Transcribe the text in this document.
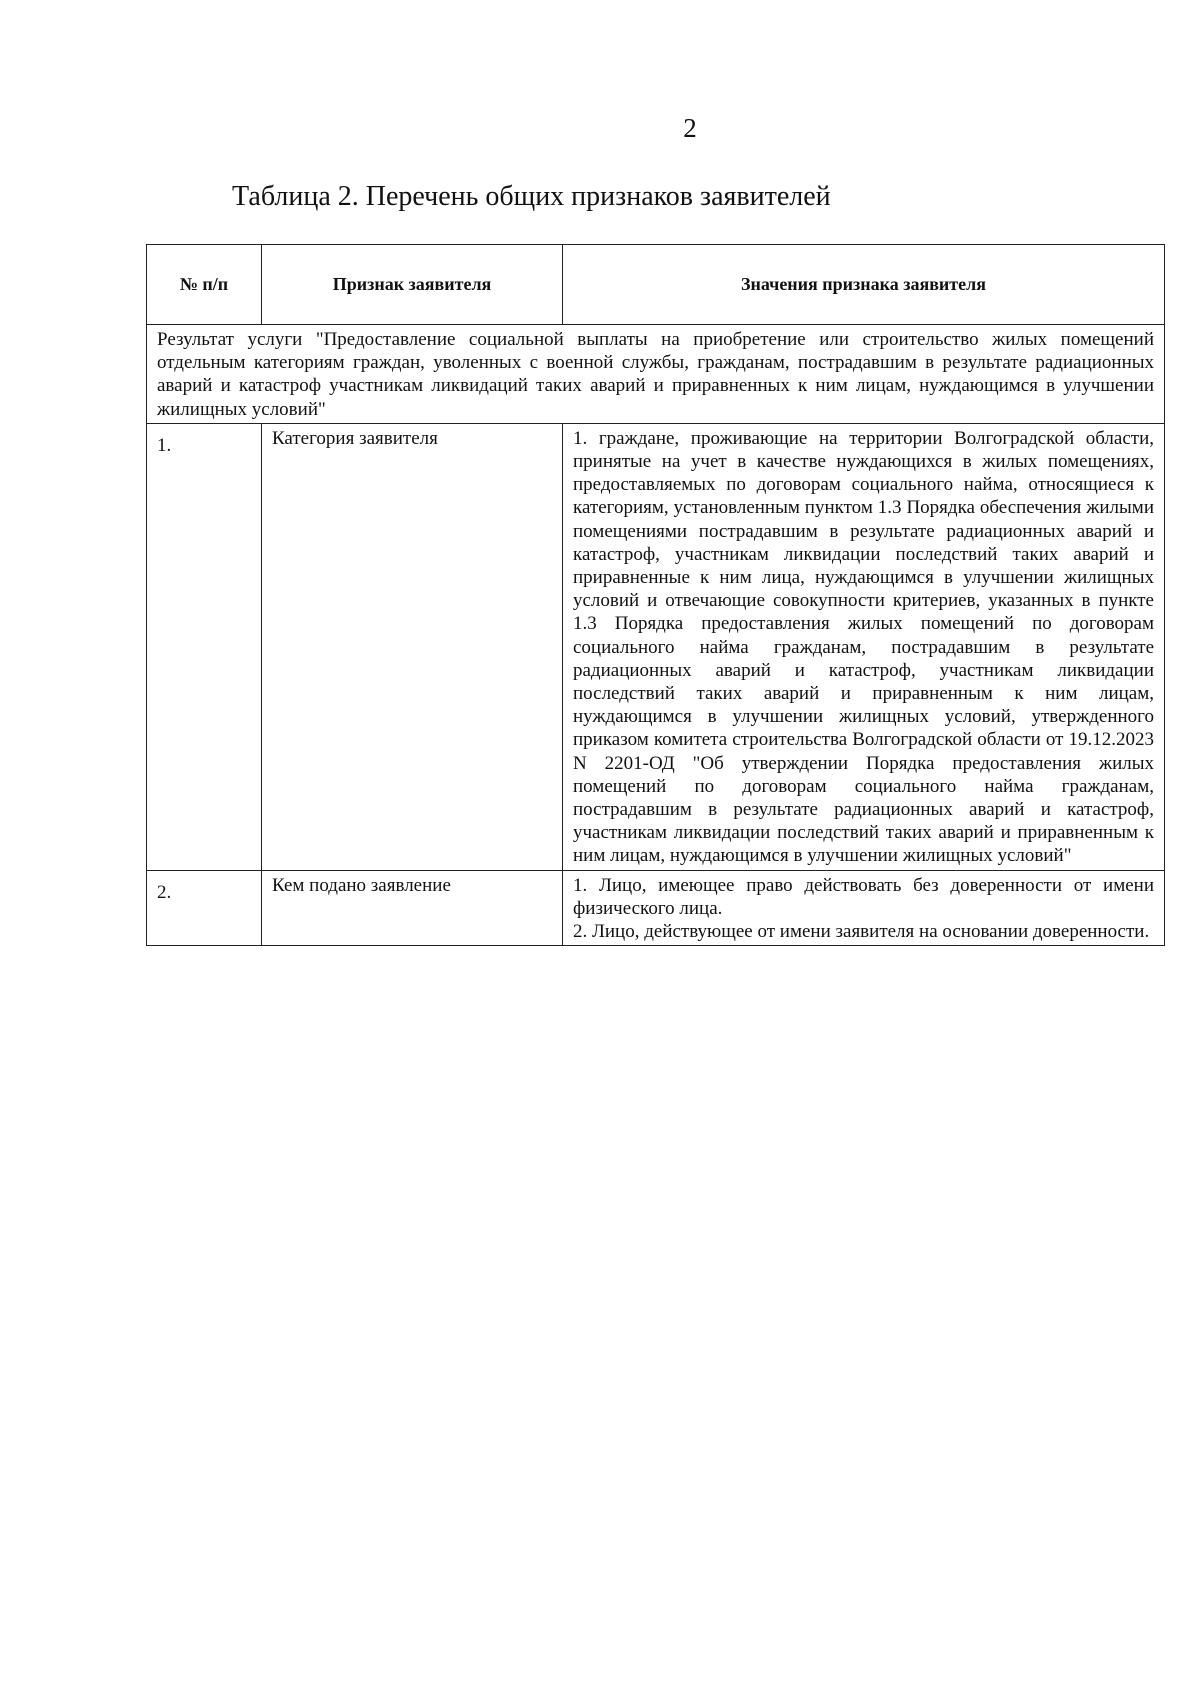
2
Таблица 2. Перечень общих признаков заявителей
№ п/п	Признак заявителя	Значения признака заявителя
Результат услуги "Предоставление социальной выплаты на приобретение или строительство жилых помещений отдельным категориям граждан, уволенных с военной службы, гражданам, пострадавшим в результате радиационных аварий и катастроф участникам ликвидаций таких аварий и приравненных к ним лицам, нуждающимся в улучшении жилищных условий"		
1.	Категория заявителя	1. граждане, проживающие на территории Волгоградской области, принятые на учет в качестве нуждающихся в жилых помещениях, предоставляемых по договорам социального найма, относящиеся к категориям, установленным пунктом 1.3 Порядка обеспечения жилыми помещениями пострадавшим в результате радиационных аварий и катастроф, участникам ликвидации последствий таких аварий и приравненные к ним лица, нуждающимся в улучшении жилищных условий и отвечающие совокупности критериев, указанных в пункте 1.3 Порядка предоставления жилых помещений по договорам социального найма гражданам, пострадавшим в результате радиационных аварий и катастроф, участникам ликвидации последствий таких аварий и приравненным к ним лицам, нуждающимся в улучшении жилищных условий, утвержденного приказом комитета строительства Волгоградской области от 19.12.2023 N 2201-ОД "Об утверждении Порядка предоставления жилых помещений по договорам социального найма гражданам, пострадавшим в результате радиационных аварий и катастроф, участникам ликвидации последствий таких аварий и приравненным к ним лицам, нуждающимся в улучшении жилищных условий"

2.	Кем подано заявление	1. Лицо, имеющее право действовать без доверенности от имени физического лица.
2. Лицо, действующее от имени заявителя на основании доверенности.
